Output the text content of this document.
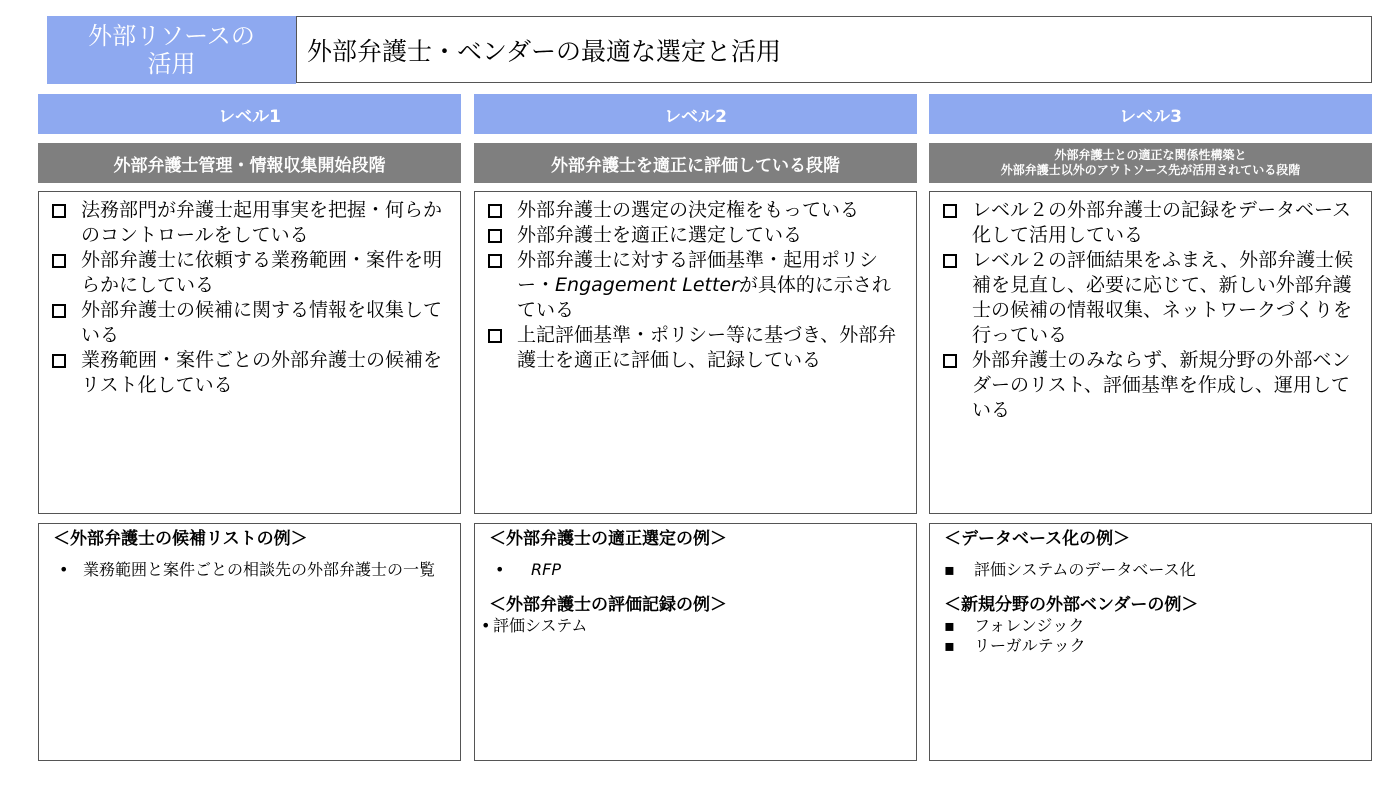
外部リソースの
活用	外部弁護士・ベンダーの最適な選定と活用
レベル1
外部弁護士管理・情報収集開始段階
法務部門が弁護士起用事実を把握・何らかのコントロールをしている
外部弁護士に依頼する業務範囲・案件を明らかにしている
外部弁護士の候補に関する情報を収集している
業務範囲・案件ごとの外部弁護士の候補をリスト化している
＜外部弁護士の候補リストの例＞
• 業務範囲と案件ごとの相談先の外部弁護士の一覧
レベル2
外部弁護士を適正に評価している段階
外部弁護士の選定の決定権をもっている
外部弁護士を適正に選定している
外部弁護士に対する評価基準・起用ポリシー・Engagement Letterが具体的に示されている
上記評価基準・ポリシー等に基づき、外部弁護士を適正に評価し、記録している
＜外部弁護士の適正選定の例＞
• RFP
＜外部弁護士の評価記録の例＞
• 評価システム
レベル3
外部弁護士との適正な関係性構築と
外部弁護士以外のアウトソース先が活用されている段階
レベル２の外部弁護士の記録をデータベース化して活用している
レベル２の評価結果をふまえ、外部弁護士候補を見直し、必要に応じて、新しい外部弁護士の候補の情報収集、ネットワークづくりを行っている
外部弁護士のみならず、新規分野の外部ベンダーのリスト、評価基準を作成し、運用している
＜データベース化の例＞
▪ 評価システムのデータベース化
＜新規分野の外部ベンダーの例＞
▪ フォレンジック
▪ リーガルテック
